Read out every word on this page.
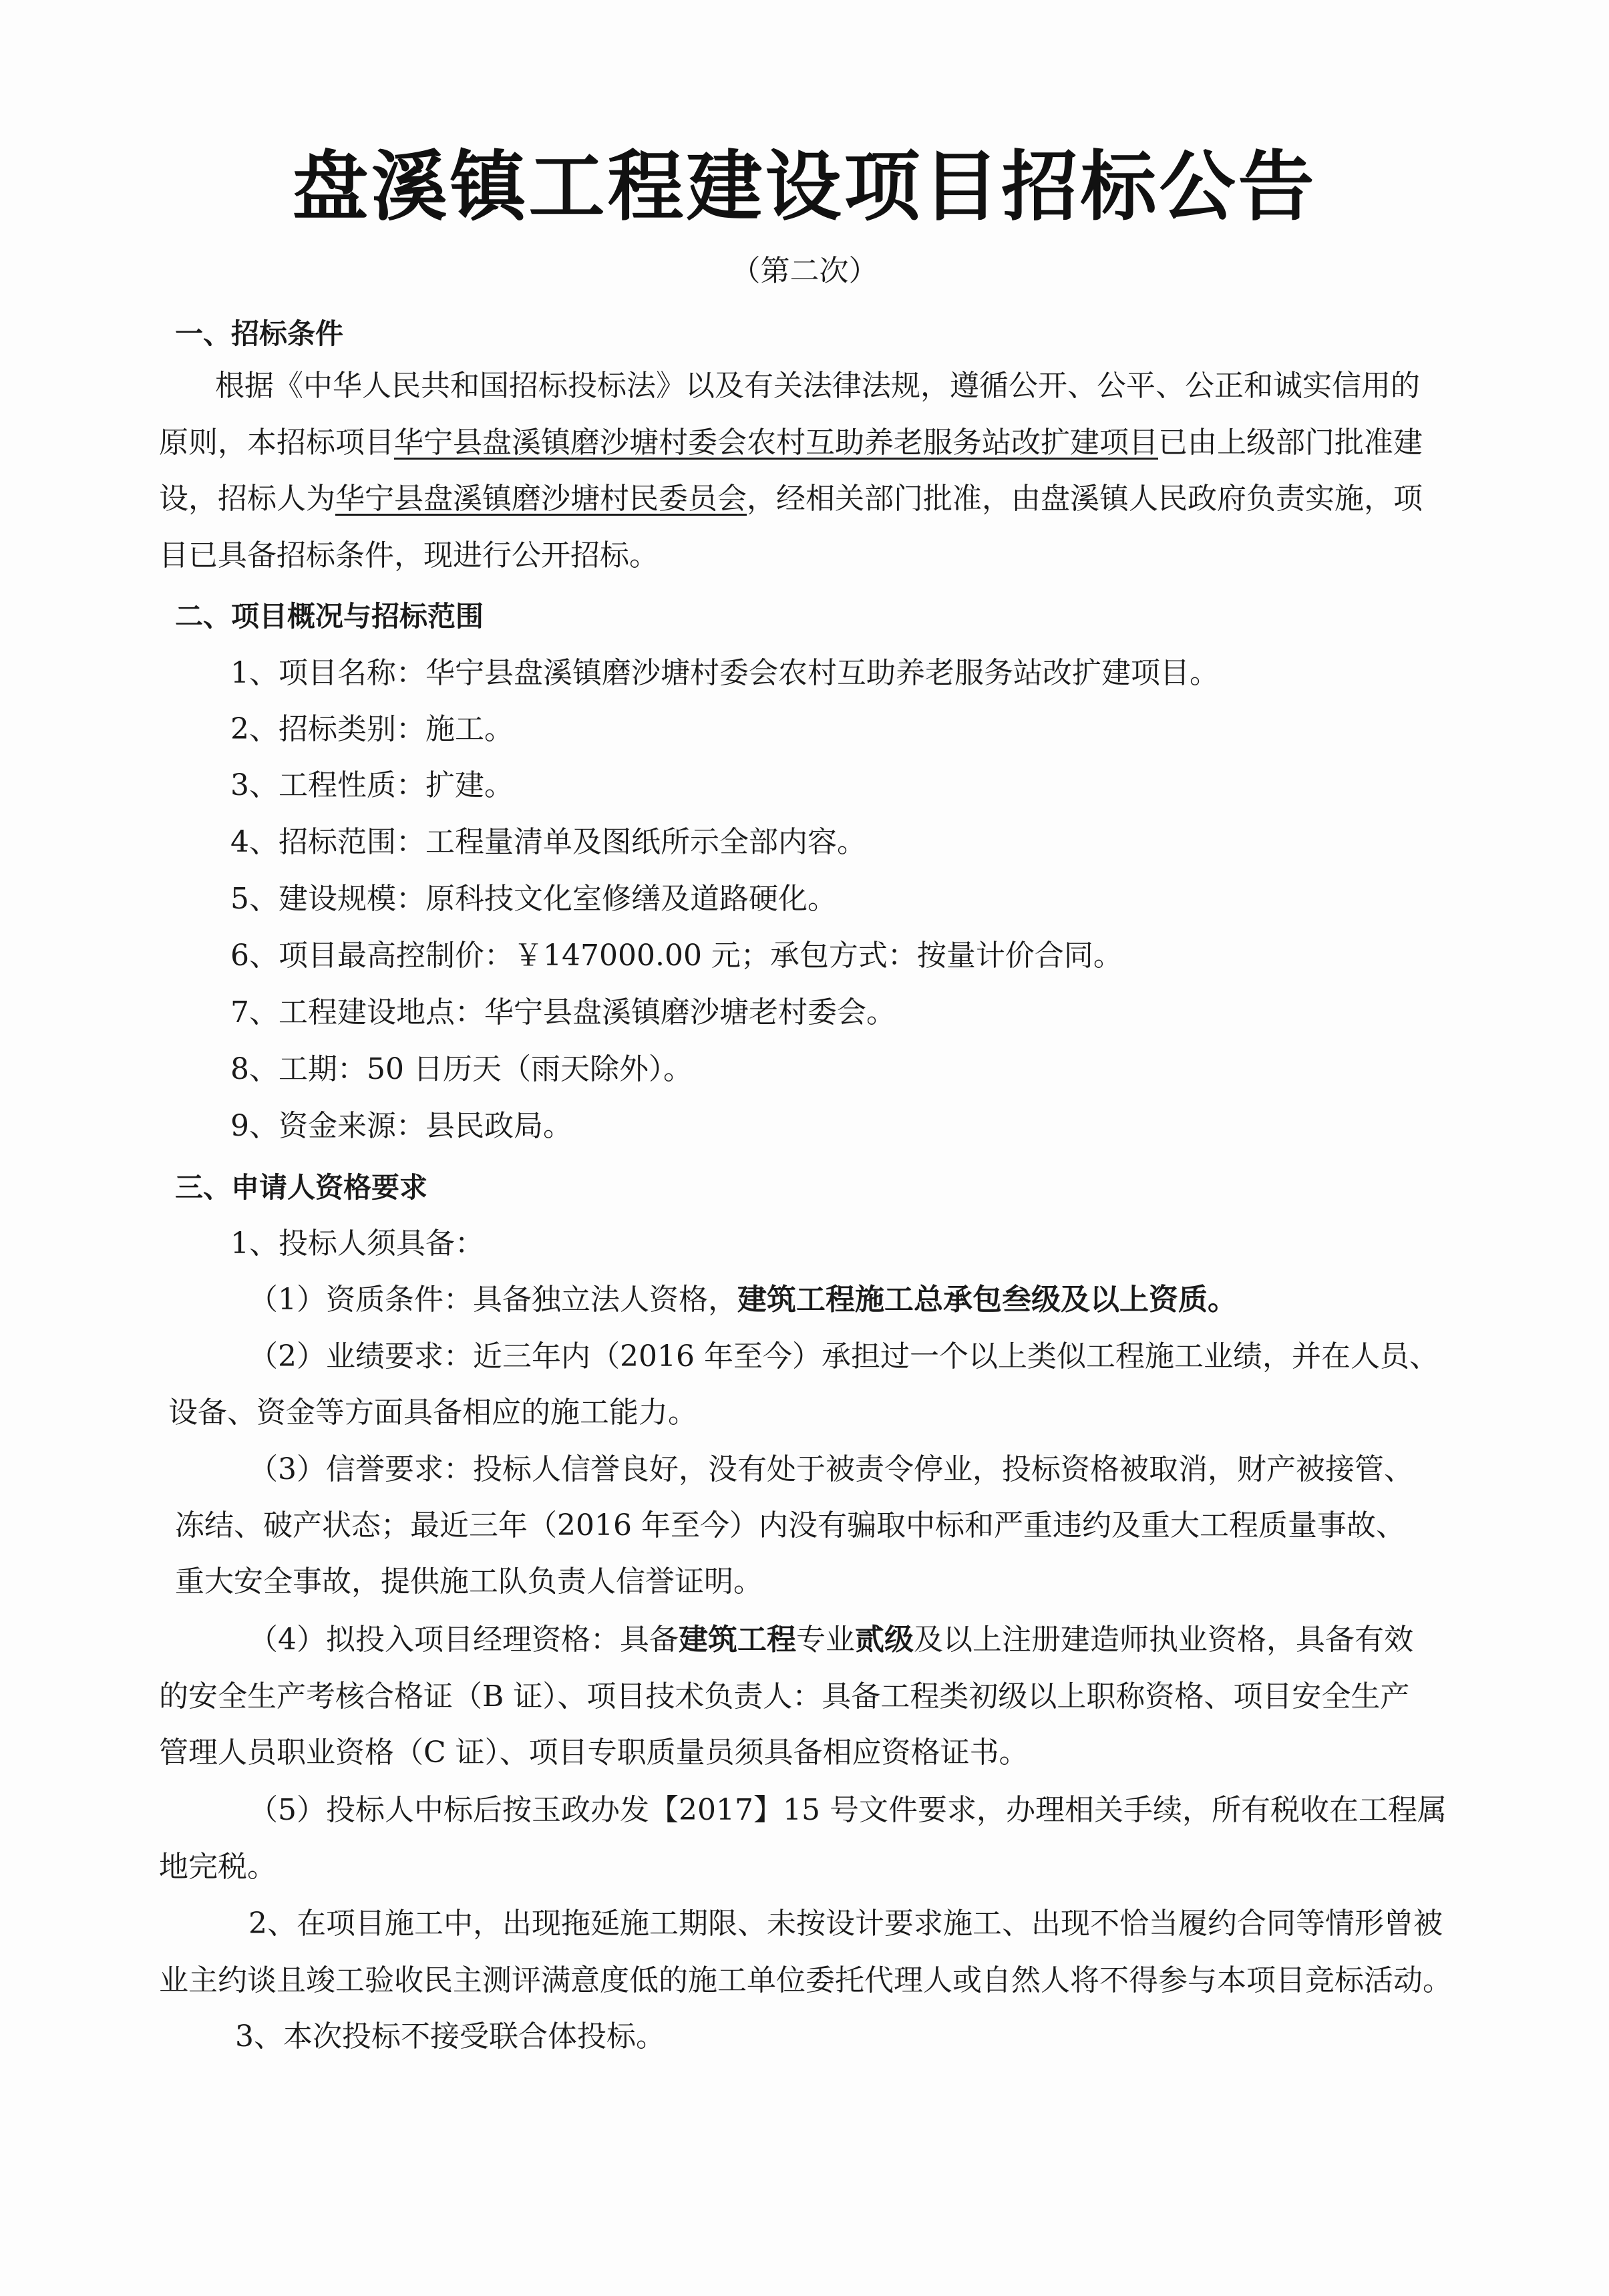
盘溪镇工程建设项目招标公告
（第二次）
一、招标条件
根据《中华人民共和国招标投标法》以及有关法律法规，遵循公开、公平、公正和诚实信用的
原则，本招标项目华宁县盘溪镇磨沙塘村委会农村互助养老服务站改扩建项目已由上级部门批准建
设，招标人为华宁县盘溪镇磨沙塘村民委员会，经相关部门批准，由盘溪镇人民政府负责实施，项
目已具备招标条件，现进行公开招标。
二、项目概况与招标范围
1、项目名称：华宁县盘溪镇磨沙塘村委会农村互助养老服务站改扩建项目。
2、招标类别：施工。
3、工程性质：扩建。
4、招标范围：工程量清单及图纸所示全部内容。
5、建设规模：原科技文化室修缮及道路硬化。
6、项目最高控制价：￥147000.00 元；承包方式：按量计价合同。
7、工程建设地点：华宁县盘溪镇磨沙塘老村委会。
8、工期：50 日历天（雨天除外）。
9、资金来源：县民政局。
三、申请人资格要求
1、投标人须具备：
（1）资质条件：具备独立法人资格，建筑工程施工总承包叁级及以上资质。
（2）业绩要求：近三年内（2016 年至今）承担过一个以上类似工程施工业绩，并在人员、
设备、资金等方面具备相应的施工能力。
（3）信誉要求：投标人信誉良好，没有处于被责令停业，投标资格被取消，财产被接管、
冻结、破产状态；最近三年（2016 年至今）内没有骗取中标和严重违约及重大工程质量事故、
重大安全事故，提供施工队负责人信誉证明。
（4）拟投入项目经理资格：具备建筑工程专业贰级及以上注册建造师执业资格，具备有效
的安全生产考核合格证（B 证）、项目技术负责人：具备工程类初级以上职称资格、项目安全生产
管理人员职业资格（C 证）、项目专职质量员须具备相应资格证书。
（5）投标人中标后按玉政办发【2017】15 号文件要求，办理相关手续，所有税收在工程属
地完税。
2、在项目施工中，出现拖延施工期限、未按设计要求施工、出现不恰当履约合同等情形曾被
业主约谈且竣工验收民主测评满意度低的施工单位委托代理人或自然人将不得参与本项目竞标活动。
3、本次投标不接受联合体投标。
